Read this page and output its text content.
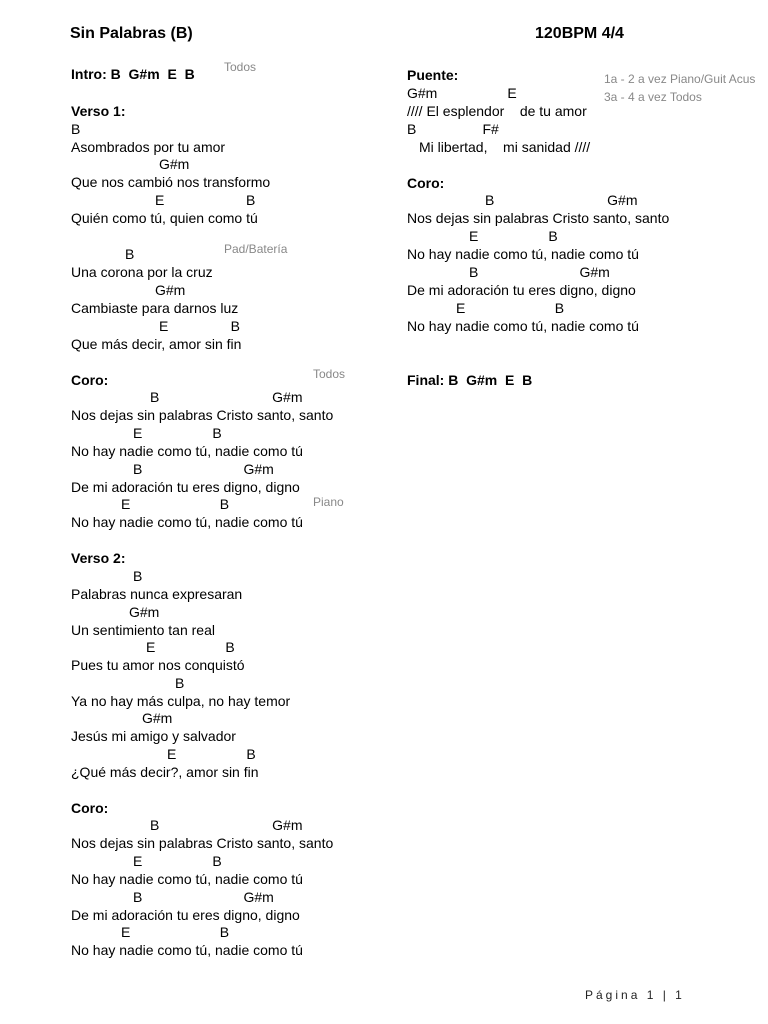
Sin Palabras (B)	120BPM 4/4
Intro: B  G#m  E  B Todos
Verso 1:
B
Asombrados por tu amor
G#m
Que nos cambió nos transformo
E                     B
Quién como tú, quien como tú
B	Pad/Batería
Una corona por la cruz
G#m
Cambiaste para darnos luz
E                B
Que más decir, amor sin fin
Coro:	Todos
B                             G#m
Nos dejas sin palabras Cristo santo, santo
E                  B
No hay nadie como tú, nadie como tú
B                          G#m
De mi adoración tu eres digno, digno
E                       B	Piano
No hay nadie como tú, nadie como tú
Verso 2:
B
Palabras nunca expresaran
G#m
Un sentimiento tan real
E                  B
Pues tu amor nos conquistó
B
Ya no hay más culpa, no hay temor
G#m
Jesús mi amigo y salvador
E                  B
¿Qué más decir?, amor sin fin
Coro:
B                             G#m
Nos dejas sin palabras Cristo santo, santo
E                  B
No hay nadie como tú, nadie como tú
B                          G#m
De mi adoración tu eres digno, digno
E                       B
No hay nadie como tú, nadie como tú
Puente:	1a - 2 a vez Piano/Guit Acus
3a - 4 a vez Todos
G#m                  E
//// El esplendor    de tu amor
B                 F#
Mi libertad,    mi sanidad ////
Coro:
B                             G#m
Nos dejas sin palabras Cristo santo, santo
E                  B
No hay nadie como tú, nadie como tú
B                          G#m
De mi adoración tu eres digno, digno
E                       B
No hay nadie como tú, nadie como tú
Final: B  G#m  E  B
Página 1 | 1
